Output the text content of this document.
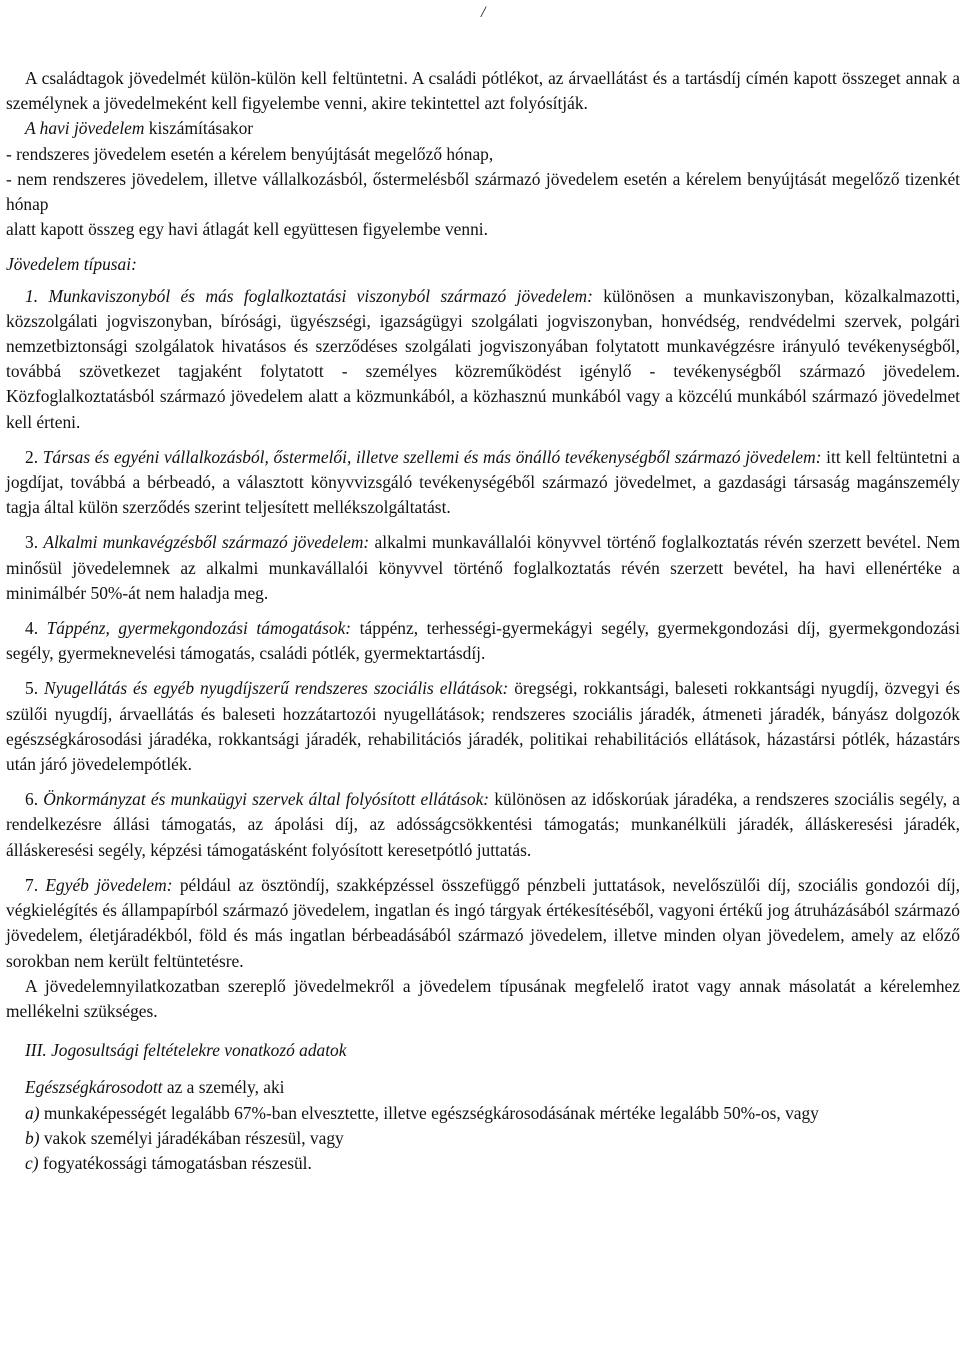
/

A családtagok jövedelmét külön-külön kell feltüntetni. A családi pótlékot, az árvaellátást és a tartásdíj címén kapott összeget annak a személynek a jövedelmeként kell figyelembe venni, akire tekintettel azt folyósítják.

A havi jövedelem kiszámításakor

- rendszeres jövedelem esetén a kérelem benyújtását megelőző hónap,

- nem rendszeres jövedelem, illetve vállalkozásból, őstermelésből származó jövedelem esetén a kérelem benyújtását megelőző tizenkét hónap

alatt kapott összeg egy havi átlagát kell együttesen figyelembe venni.

Jövedelem típusai:

1. Munkaviszonyból és más foglalkoztatási viszonyból származó jövedelem: különösen a munkaviszonyban, közalkalmazotti, közszolgálati jogviszonyban, bírósági, ügyészségi, igazságügyi szolgálati jogviszonyban, honvédség, rendvédelmi szervek, polgári nemzetbiztonsági szolgálatok hivatásos és szerződéses szolgálati jogviszonyában folytatott munkavégzésre irányuló tevékenységből, továbbá szövetkezet tagjaként folytatott - személyes közreműködést igénylő - tevékenységből származó jövedelem. Közfoglalkoztatásból származó jövedelem alatt a közmunkából, a közhasznú munkából vagy a közcélú munkából származó jövedelmet kell érteni.

2. Társas és egyéni vállalkozásból, őstermelői, illetve szellemi és más önálló tevékenységből származó jövedelem: itt kell feltüntetni a jogdíjat, továbbá a bérbeadó, a választott könyvvizsgáló tevékenységéből származó jövedelmet, a gazdasági társaság magánszemély tagja által külön szerződés szerint teljesített mellékszolgáltatást.

3. Alkalmi munkavégzésből származó jövedelem: alkalmi munkavállalói könyvvel történő foglalkoztatás révén szerzett bevétel. Nem minősül jövedelemnek az alkalmi munkavállalói könyvvel történő foglalkoztatás révén szerzett bevétel, ha havi ellenértéke a minimálbér 50%-át nem haladja meg.

4. Táppénz, gyermekgondozási támogatások: táppénz, terhességi-gyermekágyi segély, gyermekgondozási díj, gyermekgondozási segély, gyermeknevelési támogatás, családi pótlék, gyermektartásdíj.

5. Nyugellátás és egyéb nyugdíjszerű rendszeres szociális ellátások: öregségi, rokkantsági, baleseti rokkantsági nyugdíj, özvegyi és szülői nyugdíj, árvaellátás és baleseti hozzátartozói nyugellátások; rendszeres szociális járadék, átmeneti járadék, bányász dolgozók egészségkárosodási járadéka, rokkantsági járadék, rehabilitációs járadék, politikai rehabilitációs ellátások, házastársi pótlék, házastárs után járó jövedelempótlék.

6. Önkormányzat és munkaügyi szervek által folyósított ellátások: különösen az időskorúak járadéka, a rendszeres szociális segély, a rendelkezésre állási támogatás, az ápolási díj, az adósságcsökkentési támogatás; munkanélküli járadék, álláskeresési járadék, álláskeresési segély, képzési támogatásként folyósított keresetpótló juttatás.

7. Egyéb jövedelem: például az ösztöndíj, szakképzéssel összefüggő pénzbeli juttatások, nevelőszülői díj, szociális gondozói díj, végkielégítés és állampapírból származó jövedelem, ingatlan és ingó tárgyak értékesítéséből, vagyoni értékű jog átruházásából származó jövedelem, életjáradékból, föld és más ingatlan bérbeadásából származó jövedelem, illetve minden olyan jövedelem, amely az előző sorokban nem került feltüntetésre.

A jövedelemnyilatkozatban szereplő jövedelmekről a jövedelem típusának megfelelő iratot vagy annak másolatát a kérelemhez mellékelni szükséges.

III. Jogosultsági feltételekre vonatkozó adatok

Egészségkárosodott az a személy, aki

a) munkaképességét legalább 67%-ban elvesztette, illetve egészségkárosodásának mértéke legalább 50%-os, vagy

b) vakok személyi járadékában részesül, vagy

c) fogyatékossági támogatásban részesül.
